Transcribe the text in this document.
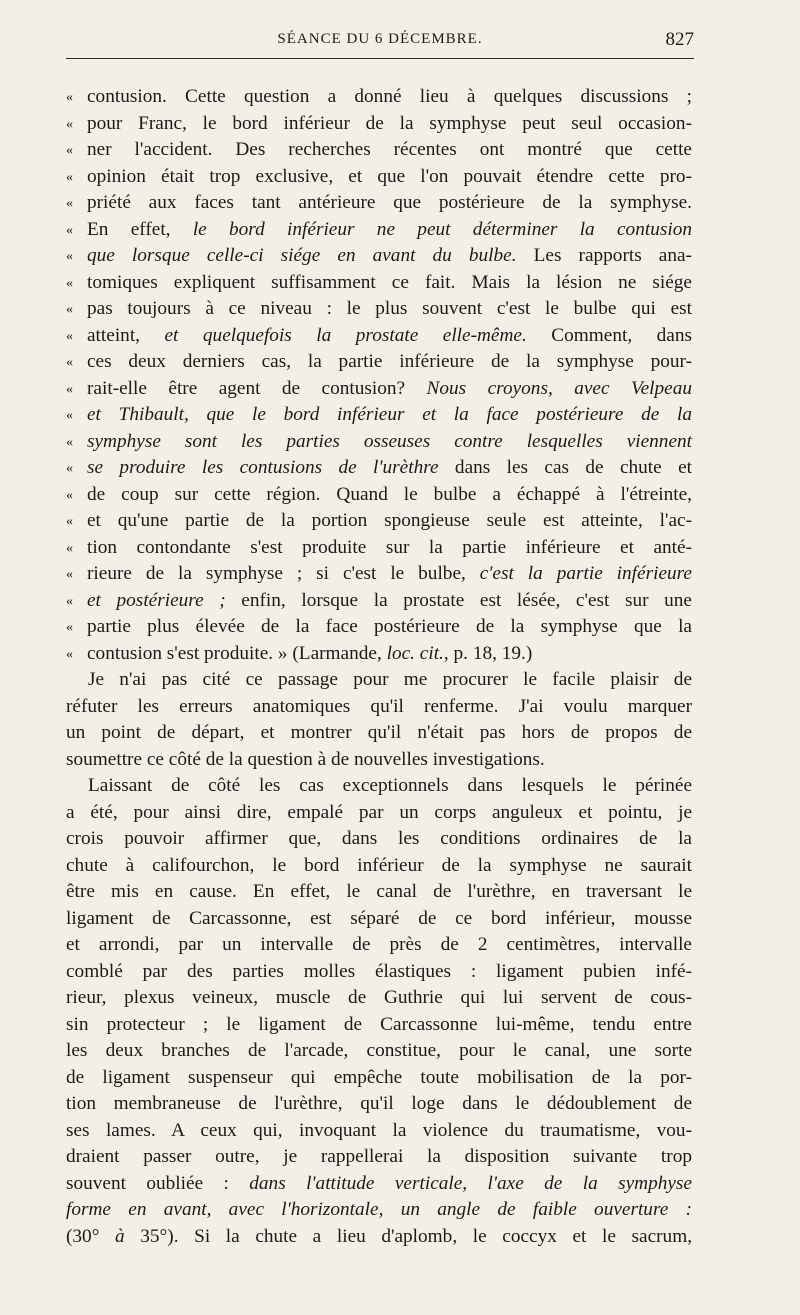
SÉANCE DU 6 DÉCEMBRE.	827
« contusion. Cette question a donné lieu à quelques discussions ;
« pour Franc, le bord inférieur de la symphyse peut seul occasion-
« ner l'accident. Des recherches récentes ont montré que cette
« opinion était trop exclusive, et que l'on pouvait étendre cette pro-
« priété aux faces tant antérieure que postérieure de la symphyse.
« En effet, le bord inférieur ne peut déterminer la contusion
« que lorsque celle-ci siége en avant du bulbe. Les rapports ana-
« tomiques expliquent suffisamment ce fait. Mais la lésion ne siége
« pas toujours à ce niveau : le plus souvent c'est le bulbe qui est
« atteint, et quelquefois la prostate elle-même. Comment, dans
« ces deux derniers cas, la partie inférieure de la symphyse pour-
« rait-elle être agent de contusion? Nous croyons, avec Velpeau
« et Thibault, que le bord inférieur et la face postérieure de la
« symphyse sont les parties osseuses contre lesquelles viennent
« se produire les contusions de l'urèthre dans les cas de chute et
« de coup sur cette région. Quand le bulbe a échappé à l'étreinte,
« et qu'une partie de la portion spongieuse seule est atteinte, l'ac-
« tion contondante s'est produite sur la partie inférieure et anté-
« rieure de la symphyse ; si c'est le bulbe, c'est la partie inférieure
« et postérieure ; enfin, lorsque la prostate est lésée, c'est sur une
« partie plus élevée de la face postérieure de la symphyse que la
« contusion s'est produite. » (Larmande, loc. cit., p. 18, 19.)
Je n'ai pas cité ce passage pour me procurer le facile plaisir de
réfuter les erreurs anatomiques qu'il renferme. J'ai voulu marquer
un point de départ, et montrer qu'il n'était pas hors de propos de
soumettre ce côté de la question à de nouvelles investigations.
Laissant de côté les cas exceptionnels dans lesquels le périnée
a été, pour ainsi dire, empalé par un corps anguleux et pointu, je
crois pouvoir affirmer que, dans les conditions ordinaires de la
chute à califourchon, le bord inférieur de la symphyse ne saurait
être mis en cause. En effet, le canal de l'urèthre, en traversant le
ligament de Carcassonne, est séparé de ce bord inférieur, mousse
et arrondi, par un intervalle de près de 2 centimètres, intervalle
comblé par des parties molles élastiques : ligament pubien infé-
rieur, plexus veineux, muscle de Guthrie qui lui servent de cous-
sin protecteur ; le ligament de Carcassonne lui-même, tendu entre
les deux branches de l'arcade, constitue, pour le canal, une sorte
de ligament suspenseur qui empêche toute mobilisation de la por-
tion membraneuse de l'urèthre, qu'il loge dans le dédoublement de
ses lames. A ceux qui, invoquant la violence du traumatisme, vou-
draient passer outre, je rappellerai la disposition suivante trop
souvent oubliée : dans l'attitude verticale, l'axe de la symphyse
forme en avant, avec l'horizontale, un angle de faible ouverture :
(30° à 35°). Si la chute a lieu d'aplomb, le coccyx et le sacrum,
